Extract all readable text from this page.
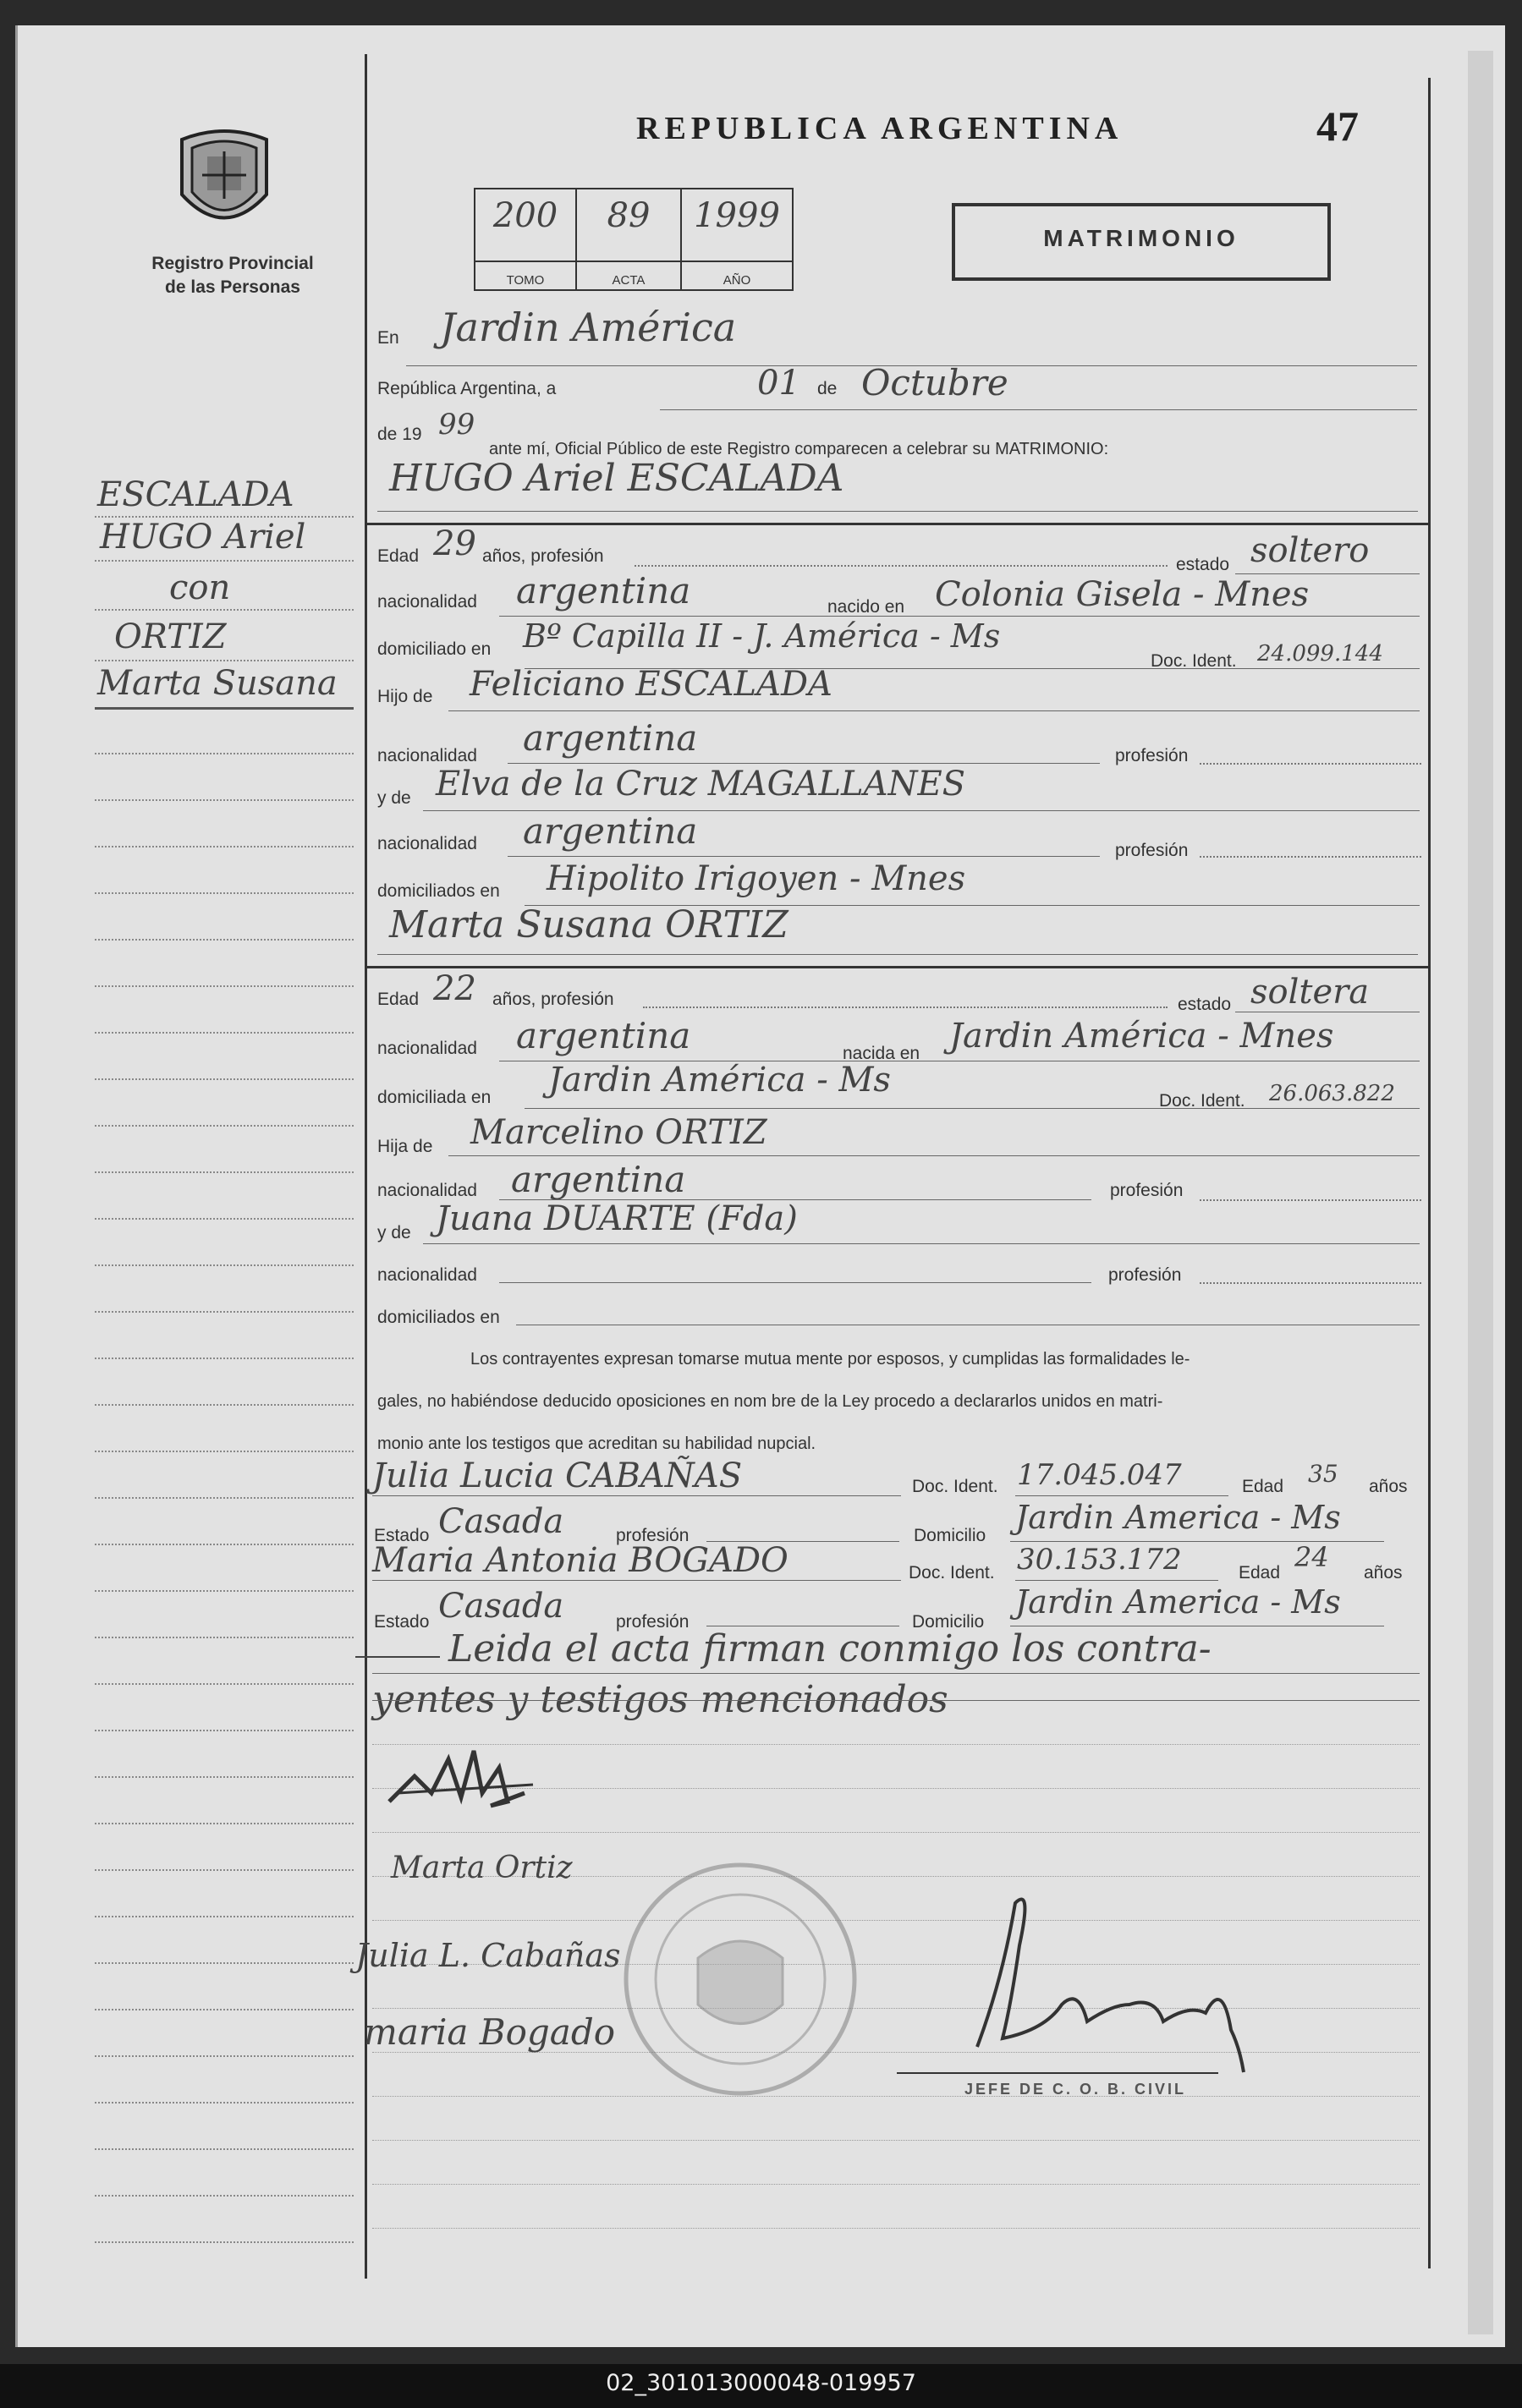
REPUBLICA ARGENTINA	47
Registro Provincial
de las Personas
200
TOMO
89
ACTA
1999
AÑO
MATRIMONIO
ESCALADA
HUGO Ariel
con
ORTIZ
Marta Susana
En Jardin América
República Argentina, a	01 de Octubre
de 19 99
ante mí, Oficial Público de este Registro comparecen a celebrar su MATRIMONIO:
HUGO Ariel ESCALADA
Edad 29 años, profesión	estado soltero
nacionalidad argentina	nacido en Colonia Gisela - Mnes
domiciliado en Bº Capilla II - J. América - Ms
Doc. Ident. 24.099.144
Hijo de Feliciano ESCALADA
nacionalidad argentina	profesión
y de Elva de la Cruz MAGALLANES
nacionalidad argentina	profesión
domiciliados en Hipolito Irigoyen - Mnes
Marta Susana ORTIZ
Edad 22 años, profesión	estado soltera
nacionalidad argentina	nacida en Jardin América - Mnes
domiciliada en Jardin América - Ms
Doc. Ident. 26.063.822
Hija de Marcelino ORTIZ
nacionalidad argentina	profesión
y de Juana DUARTE (Fda)
nacionalidad	profesión
domiciliados en
Los contrayentes expresan tomarse mutua mente por esposos, y cumplidas las formalidades le-
gales, no habiéndose deducido oposiciones en nom bre de la Ley procedo a declararlos unidos en matri-
monio ante los testigos que acreditan su habilidad nupcial.
Julia Lucia CABAÑAS	Doc. Ident. 17.045.047	Edad 35 años
Estado Casada	profesión	Domicilio Jardin America - Ms
Maria Antonia BOGADO	Doc. Ident. 30.153.172	Edad 24 años
Estado Casada	profesión	Domicilio
Jardin America - Ms
Leida el acta firman conmigo los contra-
yentes y testigos mencionados
Marta Ortiz
Julia L. Cabañas
maria Bogado
JEFE DE C. O. B. CIVIL
02_301013000048-019957
